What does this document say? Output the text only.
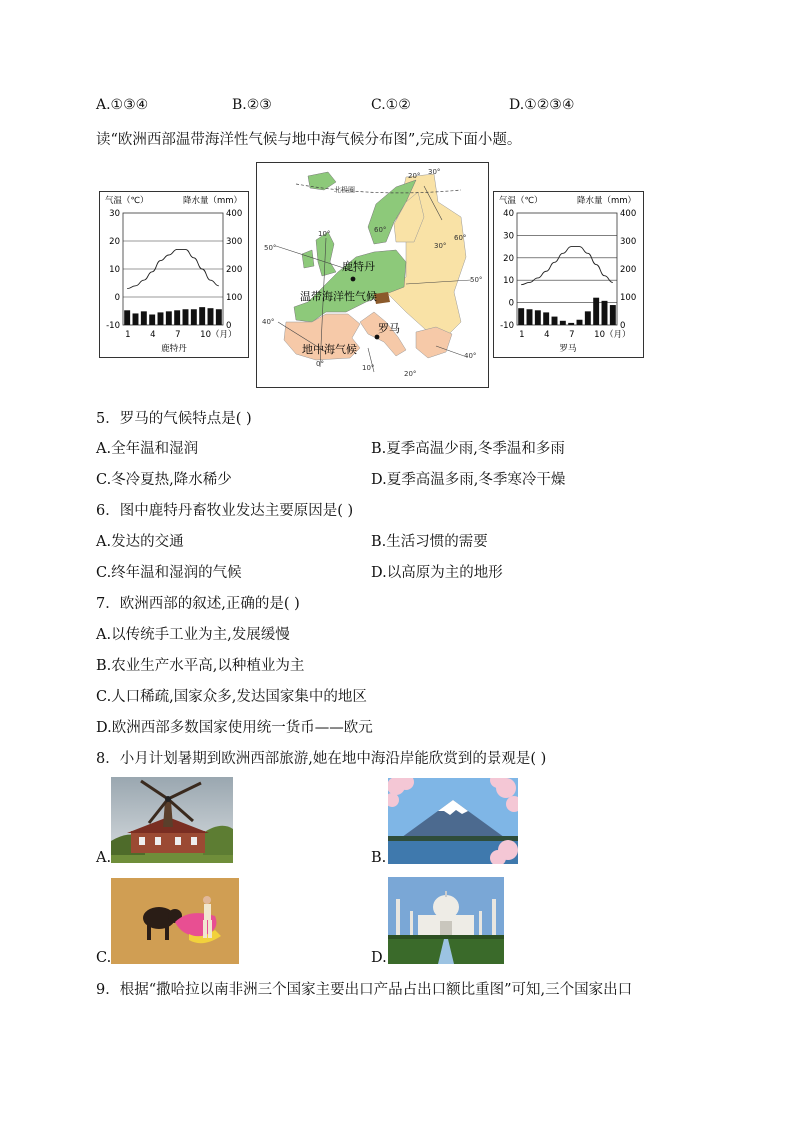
A.①③④	B.②③	C.①②	D.①②③④
读“欧洲西部温带海洋性气候与地中海气候分布图”,完成下面小题。
气温（℃）	降水量（mm）
30
20
10
0
-10
400
300
200
100
0
1 4 7 10（月）
鹿特丹
60°
50°
40°
30°
50°
40°
10°
20°
30°
0°	10°
20°
60°
北极圈
鹿特丹
温带海洋性气候
罗马
地中海气候
气温（℃）	降水量（mm）
40
30
20
10
0
-10
400
300
200
100
0
1 4 7 10（月）
罗马
5．罗马的气候特点是( )
A.全年温和湿润	B.夏季高温少雨,冬季温和多雨
C.冬冷夏热,降水稀少	D.夏季高温多雨,冬季寒冷干燥
6．图中鹿特丹畜牧业发达主要原因是( )
A.发达的交通	B.生活习惯的需要
C.终年温和湿润的气候	D.以高原为主的地形
7．欧洲西部的叙述,正确的是( )
A.以传统手工业为主,发展缓慢
B.农业生产水平高,以种植业为主
C.人口稀疏,国家众多,发达国家集中的地区
D.欧洲西部多数国家使用统一货币——欧元
8．小月计划暑期到欧洲西部旅游,她在地中海沿岸能欣赏到的景观是( )
A.	B.
C.	D.
9．根据“撒哈拉以南非洲三个国家主要出口产品占出口额比重图”可知,三个国家出口
